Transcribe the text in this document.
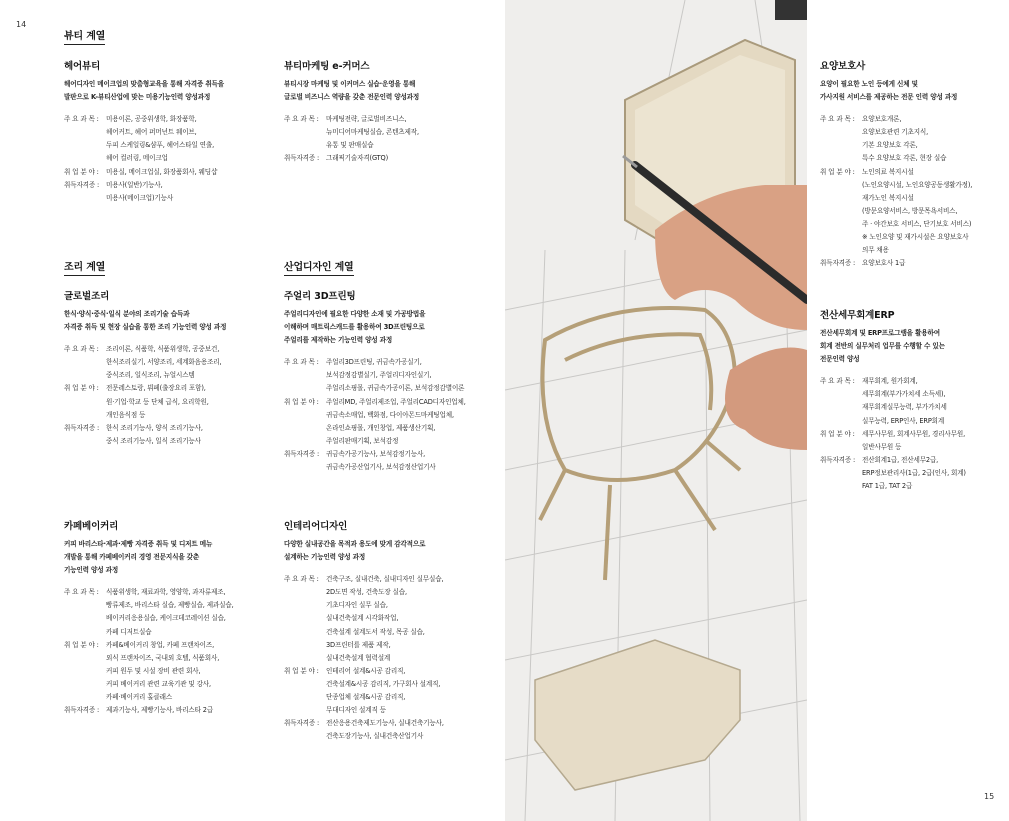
14
15
뷰티 계열
조리 계열	산업디자인 계열
헤어뷰티
헤어디자인 메이크업의 맞춤형교육을 통해 자격증 취득을
발판으로 K-뷰티산업에 맞는 미용기능인력 양성과정
주 요 과 목 :	미용이론, 공중위생학, 화장품학,
헤어커트, 헤어 퍼머넌트 웨이브,
두피 스케일링&샴푸, 헤어스타일 연출,
헤어 컬러링, 메이크업
취 업 분 야 :	미용실, 메이크업실, 화장품회사, 웨딩샵
취득자격증 :	미용사(일반)기능사,
미용사(메이크업)기능사
뷰티마케팅 e-커머스
뷰티시장 마케팅 및 이커머스 실습·운영을 통해
글로벌 비즈니스 역량을 갖춘 전문인력 양성과정
주 요 과 목 :	마케팅전략, 글로벌비즈니스,
뉴미디어마케팅실습, 콘텐츠제작,
유통 및 판매실습
취득자격증 :	그래픽기술자격(GTQ)
요양보호사
요양이 필요한 노인 등에게 신체 및
가사지원 서비스를 제공하는 전문 인력 양성 과정
주 요 과 목 :	요양보호개론,
요양보호관련 기초지식,
기본 요양보호 각론,
특수 요양보호 각론, 현장 실습
취 업 분 야 :	노인의료 복지시설
(노인요양시설, 노인요양공동생활가정),
재가노인 복지시설
(방문요양서비스, 방문목욕서비스,
주 · 야간보호 서비스, 단기보호 서비스)
※ 노인요양 및 재가시설은 요양보호사
의무 채용
취득자격증 :	요양보호사 1급
글로벌조리
한식·양식·중식·일식 분야의 조리기술 습득과
자격증 취득 및 현장 실습을 통한 조리 기능인력 양성 과정
주 요 과 목 :	조리이론, 식품학, 식품위생학, 공중보건,
한식조리실기, 서양조리, 세계화음용조리,
중식조리, 일식조리, 뉴얼시스템
취 업 분 야 :	전문레스토랑, 뷔페(출장요리 포함),
원·기업·학교 등 단체 급식, 요리학원,
개인음식점 등
취득자격증 :	한식 조리기능사, 양식 조리기능사,
중식 조리기능사, 일식 조리기능사
주얼리 3D프린팅
주얼리디자인에 필요한 다양한 소재 및 가공방법을
이해하며 매트릭스캐드를 활용하여 3D프린팅으로
주얼리를 제작하는 기능인력 양성 과정
주 요 과 목 :	주얼리3D프린팅, 귀금속가공실기,
보석감정감별실기, 주얼리디자인실기,
주얼리소핑몰, 귀금속가공이론, 보석감정감별이론
취 업 분 야 :	주얼리MD, 주얼리제조업, 주얼리CAD디자인업체,
귀금속소매업, 백화점, 다이아몬드마케팅업체,
온라인쇼핑몰, 개인창업, 제품생산기획,
주얼리판매기획, 보석감정
취득자격증 :	귀금속가공기능사, 보석감정기능사,
귀금속가공산업기사, 보석감정산업기사
전산세무회계ERP
전산세무회계 및 ERP프로그램을 활용하여
회계 전반의 실무처리 업무를 수행할 수 있는
전문인력 양성
주 요 과 목 :	재무회계, 원가회계,
세무회계(부가가치세 소득세),
재무회계실무능력, 부가가치세
실무능력, ERP인사, ERP회계
취 업 분 야 :	세무사무원, 회계사무원, 경리사무원,
일반사무원 등
취득자격증 :	전산회계1급, 전산세무2급,
ERP정보관리사(1급, 2급(인사, 회계)
FAT 1급, TAT 2급
카페베이커리
커피 바리스타·제과·제빵 자격증 취득 및 디저트 메뉴
개발을 통해 카페베이커리 경영 전문지식을 갖춘
기능인력 양성 과정
주 요 과 목 :	식품위생학, 재료과학, 영양학, 과자류제조,
빵류제조, 바리스타 실습, 제빵실습, 제과실습,
베이커리응용실습, 케이크데코레이션 실습,
카페 디저트실습
취 업 분 야 :	카페&베이커리 창업, 카페 프랜차이즈,
외식 프랜차이즈, 국내외 호텔, 식품회사,
커피 원두 및 시설 장비 관련 회사,
커피 베이커리 관련 교육기관 및 강사,
카페·베이커리 홀클래스
취득자격증 :	제과기능사, 제빵기능사, 바리스타 2급
인테리어디자인
다양한 실내공간을 목적과 용도에 맞게 감각적으로
설계하는 기능인력 양성 과정
주 요 과 목 :	건축구조, 실내건축, 실내디자인 실무실습,
2D도면 작성, 건축도장 실습,
기초디자인 실무 실습,
실내건축설계 시각화작업,
건축설계 설계도서 작성, 목공 실습,
3D프린터를 제품 제작,
실내건축설계 협력설계
취 업 분 야 :	인테리어 설계&시공 감리직,
건축설계&시공 감리직, 가구회사 설계직,
단종업체 설계&시공 감리직,
무대디자인 설계직 등
취득자격증 :	전산응용건축제도기능사, 실내건축기능사,
건축도장기능사, 실내건축산업기사
